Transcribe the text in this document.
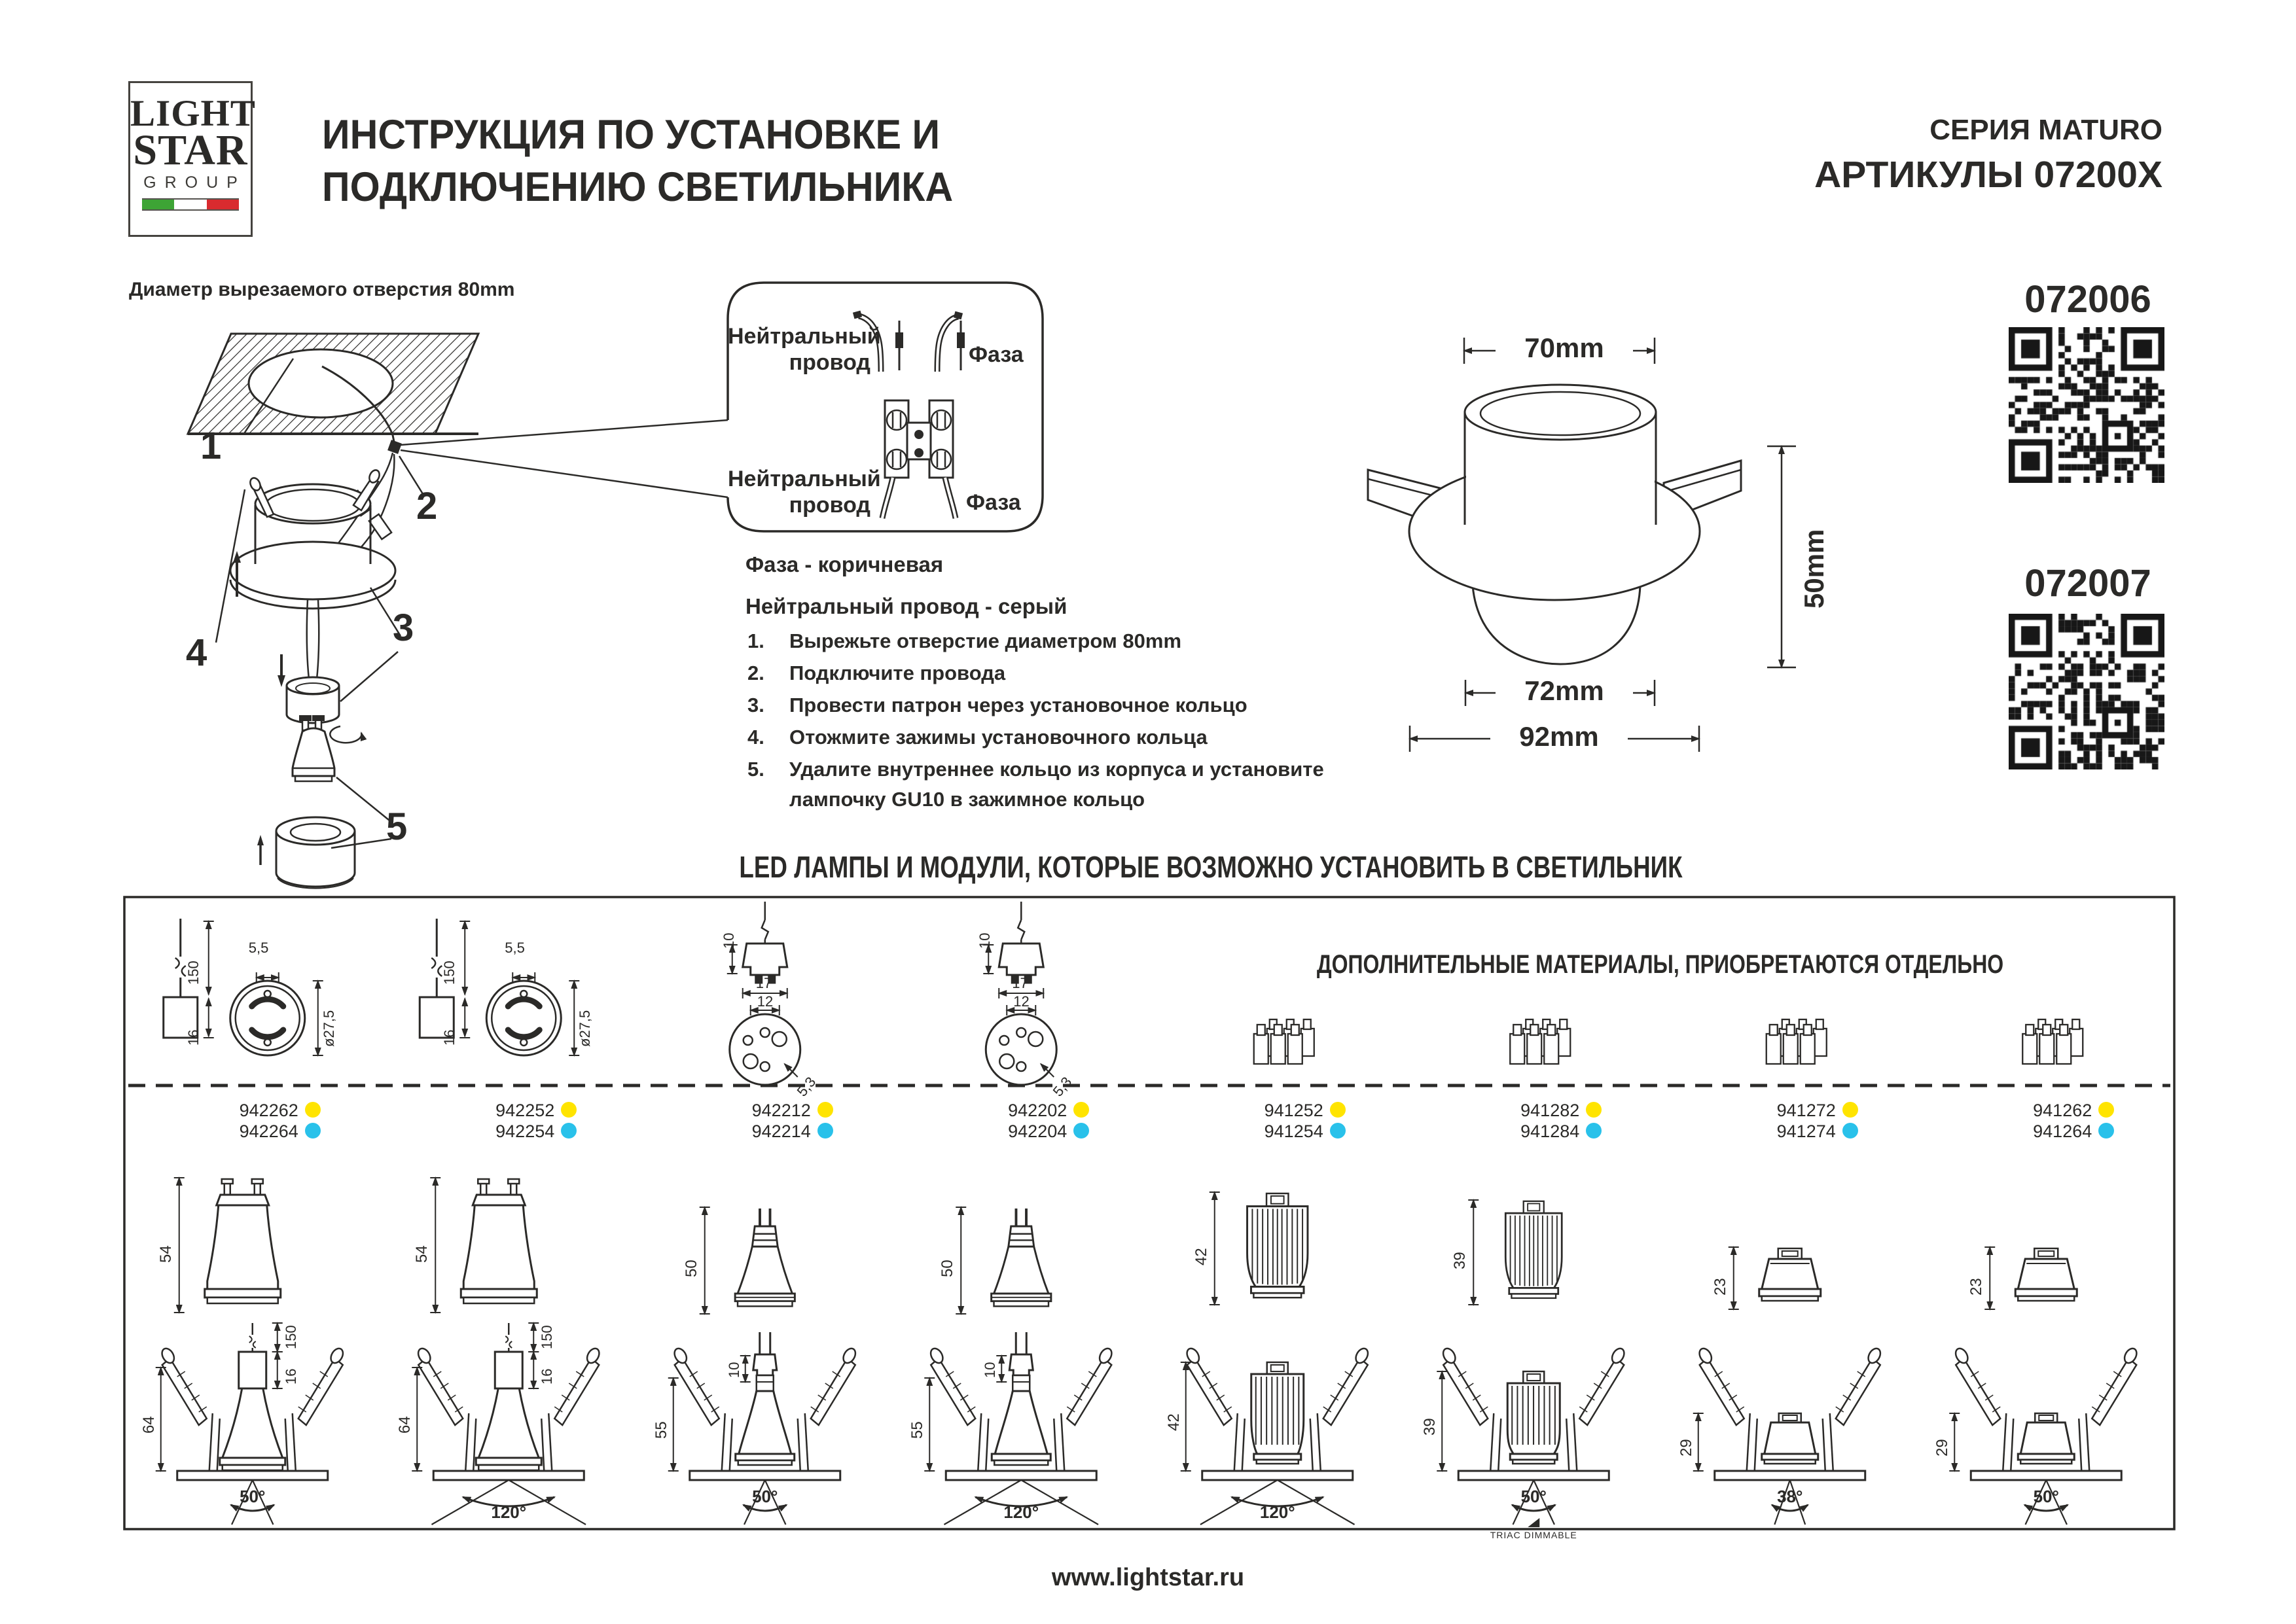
LIGHT
STAR
GROUP
ИНСТРУКЦИЯ ПО УСТАНОВКЕ И
ПОДКЛЮЧЕНИЮ СВЕТИЛЬНИКА
СЕРИЯ MATURO
АРТИКУЛЫ 07200X
072006
072007
Диаметр вырезаемого отверстия 80mm
1
2
3
4
5
Нейтральный провод	Фаза
Нейтральный провод	Фаза
Фаза - коричневая
Нейтральный провод - серый
1.	Вырежьте отверстие диаметром 80mm
2.	Подключите провода
3.	Провести патрон через установочное кольцо
4.	Отожмите зажимы установочного кольца
5.	Удалите внутреннее кольцо из корпуса и установите
лампочку GU10 в зажимное кольцо
70mm
50mm
72mm
92mm
LED ЛАМПЫ И МОДУЛИ, КОТОРЫЕ ВОЗМОЖНО УСТАНОВИТЬ В СВЕТИЛЬНИК
ДОПОЛНИТЕЛЬНЫЕ МАТЕРИАЛЫ, ПРИОБРЕТАЮТСЯ ОТДЕЛЬНО
www.lightstar.ru
150
16
5,5
ø27,5
942262
942264
54
150
16
64
50°
150
16
5,5
ø27,5
942252
942254
54
150
16
64
120°
10
17
12
5,3
942212
942214
50
10
55
50°
10
17
12
5,3
942202
942204
50
10
55
120°
941252
941254
42
42
120°
941282
941284
39
39
50°
TRIAC DIMMABLE
941272
941274
23
29
38°
941262
941264
23
29
50°
